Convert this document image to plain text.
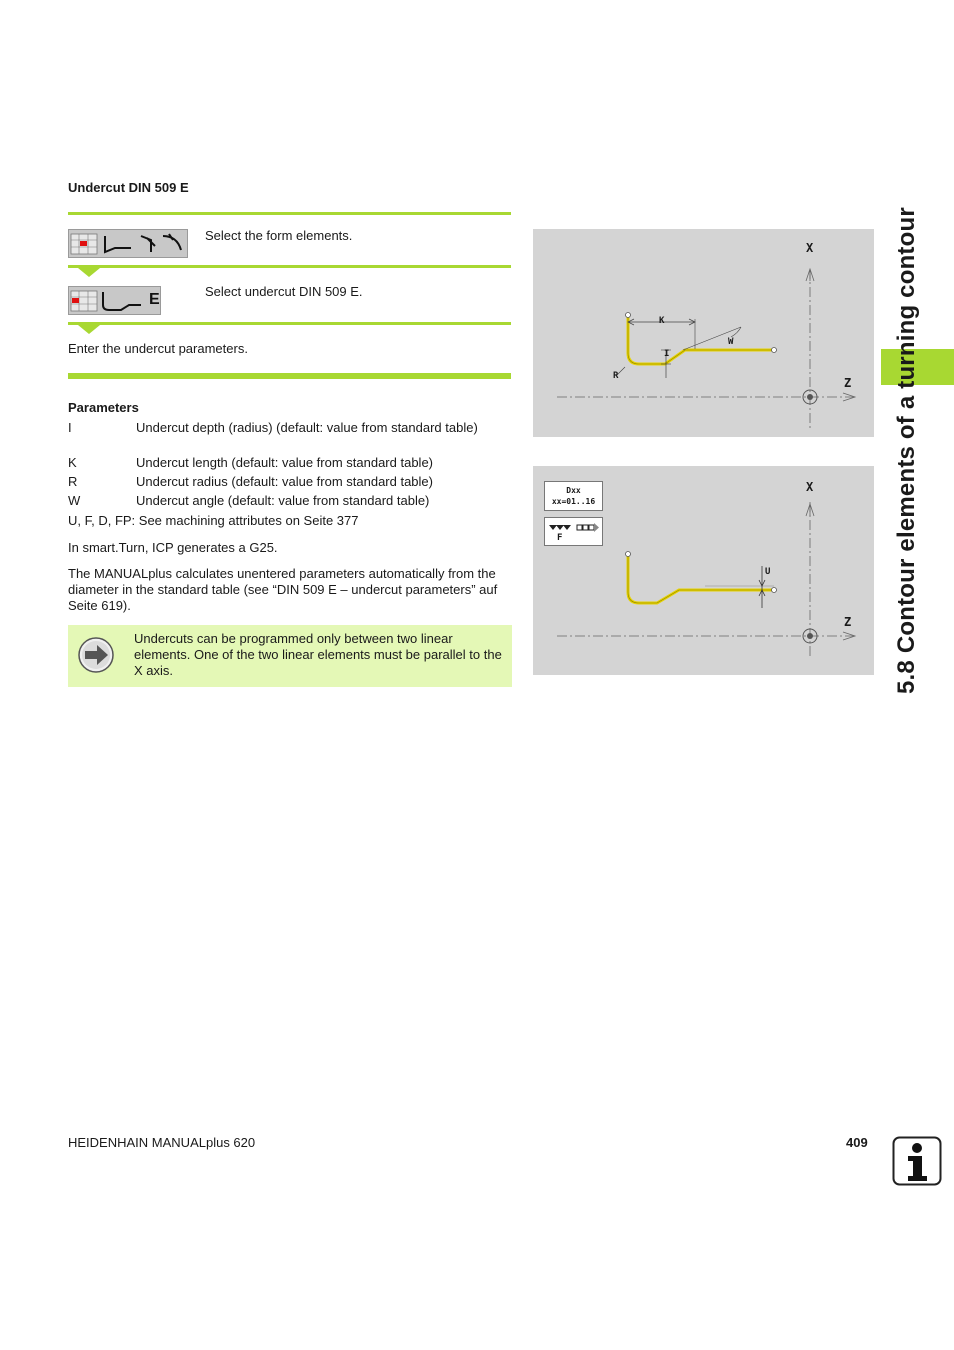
Undercut DIN 509 E
Select the form elements.
E	Select undercut DIN 509 E.
Enter the undercut parameters.
Parameters
I	Undercut depth (radius) (default: value from standard table)
K	Undercut length (default: value from standard table)
R	Undercut radius (default: value from standard table)
W	Undercut angle (default: value from standard table)
U, F, D, FP: See machining attributes on Seite 377
In smart.Turn, ICP generates a G25.
The MANUALplus calculates unentered parameters automatically from the diameter in the standard table (see “DIN 509 E – undercut parameters” auf Seite 619).
Undercuts can be programmed only between two linear elements. One of the two linear elements must be parallel to the X axis.
X
Z
K
I
W
R
Dxx
xx=01..16
F
X
Z
U	5.8 Contour elements of a turning contour
HEIDENHAIN MANUALplus 620	409
